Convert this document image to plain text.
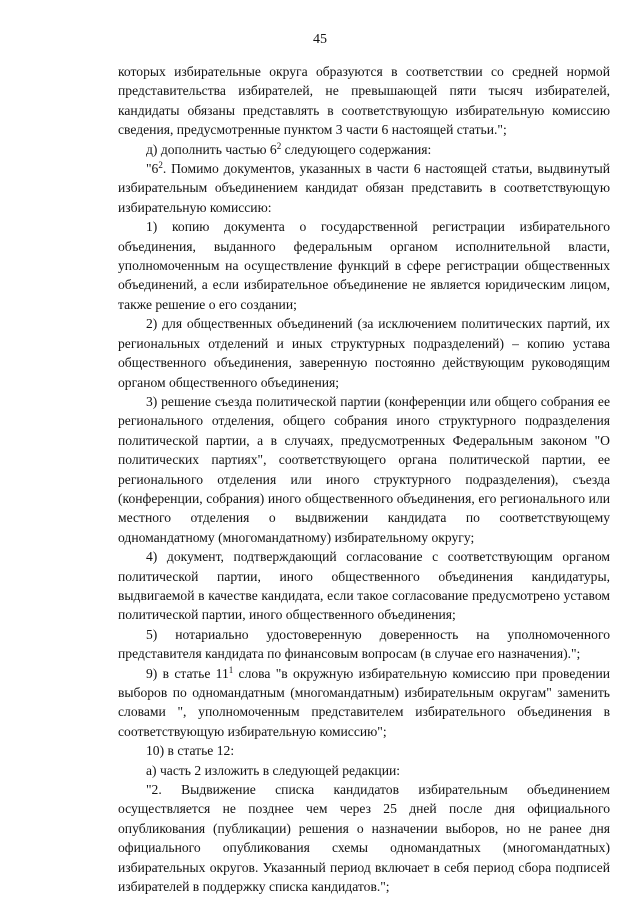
45

которых избирательные округа образуются в соответствии со средней нормой представительства избирателей, не превышающей пяти тысяч избирателей, кандидаты обязаны представлять в соответствующую избирательную комиссию сведения, предусмотренные пунктом 3 части 6 настоящей статьи.";

д) дополнить частью $6^2$ следующего содержания:

"$6^2$. Помимо документов, указанных в части 6 настоящей статьи, выдвинутый избирательным объединением кандидат обязан представить в соответствующую избирательную комиссию:

1) копию документа о государственной регистрации избирательного объединения, выданного федеральным органом исполнительной власти, уполномоченным на осуществление функций в сфере регистрации общественных объединений, а если избирательное объединение не является юридическим лицом, также решение о его создании;

2) для общественных объединений (за исключением политических партий, их региональных отделений и иных структурных подразделений) – копию устава общественного объединения, заверенную постоянно действующим руководящим органом общественного объединения;

3) решение съезда политической партии (конференции или общего собрания ее регионального отделения, общего собрания иного структурного подразделения политической партии, а в случаях, предусмотренных Федеральным законом "О политических партиях", соответствующего органа политической партии, ее регионального отделения или иного структурного подразделения), съезда (конференции, собрания) иного общественного объединения, его регионального или местного отделения о выдвижении кандидата по соответствующему одномандатному (многомандатному) избирательному округу;

4) документ, подтверждающий согласование с соответствующим органом политической партии, иного общественного объединения кандидатуры, выдвигаемой в качестве кандидата, если такое согласование предусмотрено уставом политической партии, иного общественного объединения;

5) нотариально удостоверенную доверенность на уполномоченного представителя кандидата по финансовым вопросам (в случае его назначения).";

9) в статье $11^1$ слова "в окружную избирательную комиссию при проведении выборов по одномандатным (многомандатным) избирательным округам" заменить словами ", уполномоченным представителем избирательного объединения в соответствующую избирательную комиссию";

10) в статье 12:

а) часть 2 изложить в следующей редакции:

"2. Выдвижение списка кандидатов избирательным объединением осуществляется не позднее чем через 25 дней после дня официального опубликования (публикации) решения о назначении выборов, но не ранее дня официального опубликования схемы одномандатных (многомандатных) избирательных округов. Указанный период включает в себя период сбора подписей избирателей в поддержку списка кандидатов.";
